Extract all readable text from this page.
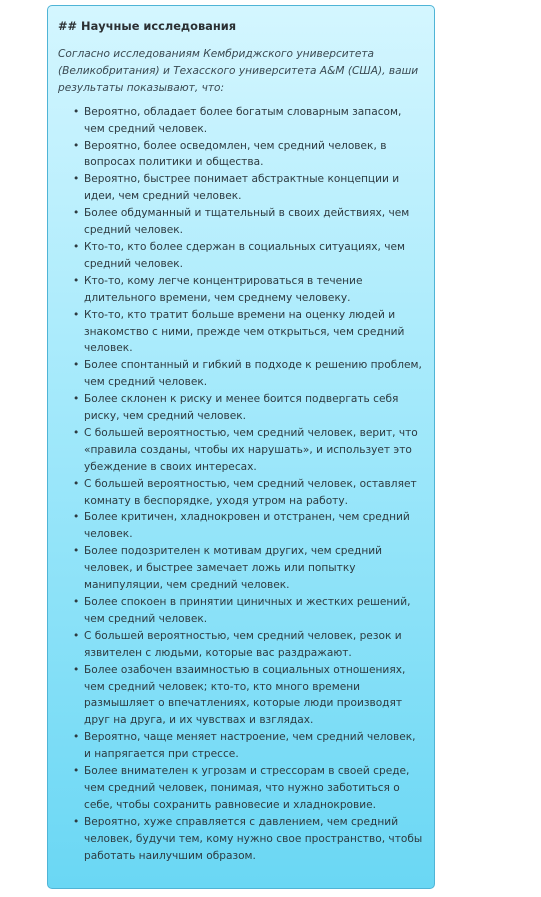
## Научные исследования
Согласно исследованиям Кембриджского университета (Великобритания) и Техасского университета A&M (США), ваши результаты показывают, что:
• Вероятно, обладает более богатым словарным запасом, чем средний человек.
• Вероятно, более осведомлен, чем средний человек, в вопросах политики и общества.
• Вероятно, быстрее понимает абстрактные концепции и идеи, чем средний человек.
• Более обдуманный и тщательный в своих действиях, чем средний человек.
• Кто-то, кто более сдержан в социальных ситуациях, чем средний человек.
• Кто-то, кому легче концентрироваться в течение длительного времени, чем среднему человеку.
• Кто-то, кто тратит больше времени на оценку людей и знакомство с ними, прежде чем открыться, чем средний человек.
• Более спонтанный и гибкий в подходе к решению проблем, чем средний человек.
• Более склонен к риску и менее боится подвергать себя риску, чем средний человек.
• С большей вероятностью, чем средний человек, верит, что «правила созданы, чтобы их нарушать», и использует это убеждение в своих интересах.
• С большей вероятностью, чем средний человек, оставляет комнату в беспорядке, уходя утром на работу.
• Более критичен, хладнокровен и отстранен, чем средний человек.
• Более подозрителен к мотивам других, чем средний человек, и быстрее замечает ложь или попытку манипуляции, чем средний человек.
• Более спокоен в принятии циничных и жестких решений, чем средний человек.
• С большей вероятностью, чем средний человек, резок и язвителен с людьми, которые вас раздражают.
• Более озабочен взаимностью в социальных отношениях, чем средний человек; кто-то, кто много времени размышляет о впечатлениях, которые люди производят друг на друга, и их чувствах и взглядах.
• Вероятно, чаще меняет настроение, чем средний человек, и напрягается при стрессе.
• Более внимателен к угрозам и стрессорам в своей среде, чем средний человек, понимая, что нужно заботиться о себе, чтобы сохранить равновесие и хладнокровие.
• Вероятно, хуже справляется с давлением, чем средний человек, будучи тем, кому нужно свое пространство, чтобы работать наилучшим образом.
